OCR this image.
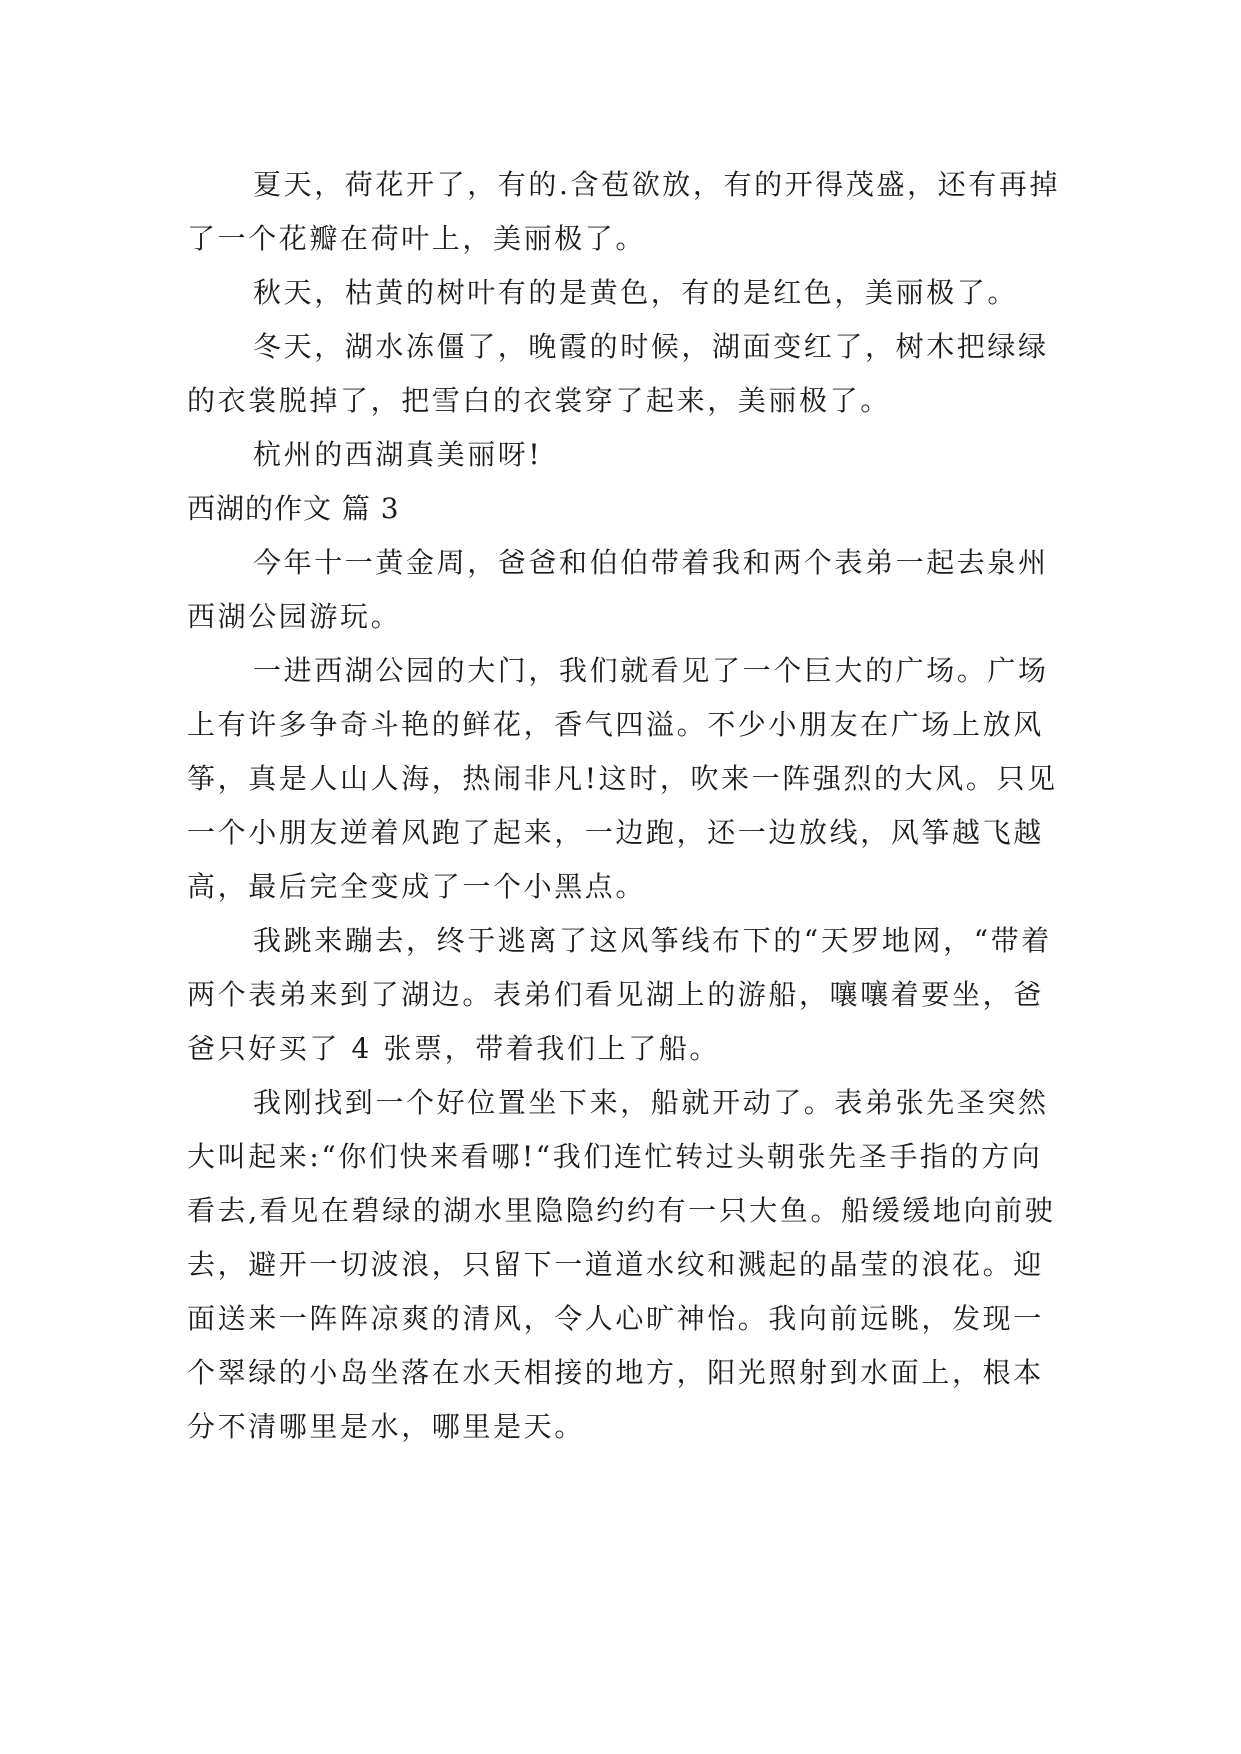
夏天，荷花开了，有的.含苞欲放，有的开得茂盛，还有再掉了一个花瓣在荷叶上，美丽极了。

秋天，枯黄的树叶有的是黄色，有的是红色，美丽极了。

冬天，湖水冻僵了，晚霞的时候，湖面变红了，树木把绿绿的衣裳脱掉了，把雪白的衣裳穿了起来，美丽极了。

杭州的西湖真美丽呀!

西湖的作文 篇 3

今年十一黄金周，爸爸和伯伯带着我和两个表弟一起去泉州西湖公园游玩。

一进西湖公园的大门，我们就看见了一个巨大的广场。广场上有许多争奇斗艳的鲜花，香气四溢。不少小朋友在广场上放风筝，真是人山人海，热闹非凡!这时，吹来一阵强烈的大风。只见一个小朋友逆着风跑了起来，一边跑，还一边放线，风筝越飞越高，最后完全变成了一个小黑点。

我跳来蹦去，终于逃离了这风筝线布下的“天罗地网，“带着两个表弟来到了湖边。表弟们看见湖上的游船，嚷嚷着要坐，爸爸只好买了 4 张票，带着我们上了船。

我刚找到一个好位置坐下来，船就开动了。表弟张先圣突然大叫起来:“你们快来看哪!“我们连忙转过头朝张先圣手指的方向看去,看见在碧绿的湖水里隐隐约约有一只大鱼。船缓缓地向前驶去，避开一切波浪，只留下一道道水纹和溅起的晶莹的浪花。迎面送来一阵阵凉爽的清风，令人心旷神怡。我向前远眺，发现一个翠绿的小岛坐落在水天相接的地方，阳光照射到水面上，根本分不清哪里是水，哪里是天。
